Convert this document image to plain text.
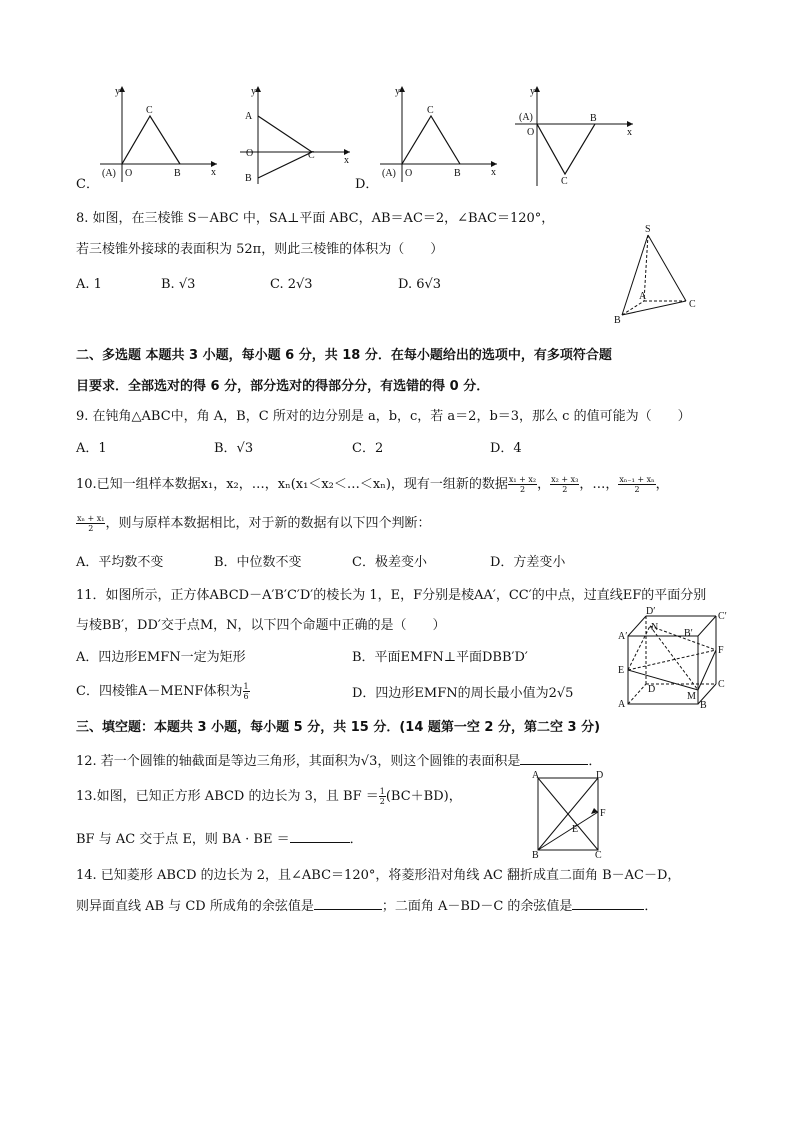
C．	D．
y
x
C
B
(A) O
y
x
A
O	C
B
y
x
C
B
(A) O
y
x
(A)
O
B
C
8. 如图，在三棱锥 S－ABC 中，SA⊥平面 ABC，AB＝AC＝2，∠BAC＝120°，
若三棱锥外接球的表面积为 52π，则此三棱锥的体积为（　　）
A. 1	B. √3	C. 2√3	D. 6√3
S
A
B
C
二、多选题 本题共 3 小题，每小题 6 分，共 18 分．在每小题给出的选项中，有多项符合题
目要求．全部选对的得 6 分，部分选对的得部分分，有选错的得 0 分．
9. 在钝角△ABC中，角 A，B，C 所对的边分别是 a，b，c，若 a＝2，b＝3，那么 c 的值可能为（　　）
A．1	B．√3	C．2	D．4
10.已知一组样本数据x₁，x₂，…，xₙ(x₁＜x₂＜…＜xₙ)，现有一组新的数据 $\frac{\text{x₁ + x₂}}{2}$ ， $\frac{\text{x₂ + x₃}}{2}$ ，…， $\frac{\text{xₙ₋₁ + xₙ}}{2}$ ，
$\frac{\text{xₙ + x₁}}{2}$ ，则与原样本数据相比，对于新的数据有以下四个判断：
A．平均数不变	B．中位数不变	C．极差变小	D．方差变小
11．如图所示，正方体ABCD－A′B′C′D′的棱长为 1，E，F分别是棱AA′，CC′的中点，过直线EF的平面分别
与棱BB′，DD′交于点M，N，以下四个命题中正确的是（　　）
A．四边形EMFN一定为矩形	B．平面EMFN⊥平面DBB′D′
C．四棱锥A－MENF体积为 $\frac{1}{6}$	D．四边形EMFN的周长最小值为2√5
D′	C′
A′	B′
N
F
E
D	C
A	B
M
三、填空题：本题共 3 小题，每小题 5 分，共 15 分．(14 题第一空 2 分，第二空 3 分)
12. 若一个圆锥的轴截面是等边三角形，其面积为√3，则这个圆锥的表面积是	．
13.如图，已知正方形 ABCD 的边长为 3，且 BF ＝ $\frac{1}{2} (BC+BD)$，
BF 与 AC 交于点 E，则 BA · BE ＝	．
A	D
F
E
B	C
14. 已知菱形 ABCD 的边长为 2，且∠ABC＝120°，将菱形沿对角线 AC 翻折成直二面角 B－AC－D，
则异面直线 AB 与 CD 所成角的余弦值是	；二面角 A－BD－C 的余弦值是	．
